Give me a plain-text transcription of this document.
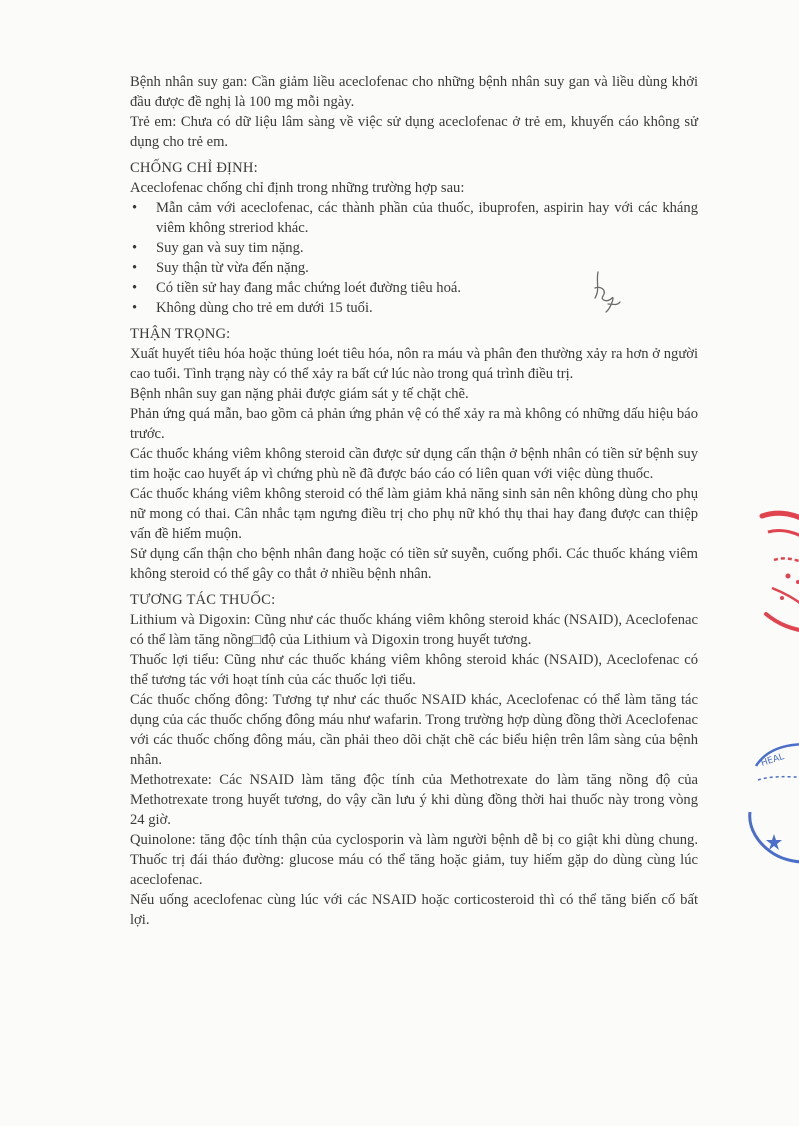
Bệnh nhân suy gan: Cần giảm liều aceclofenac cho những bệnh nhân suy gan và liều dùng khởi đầu được đề nghị là 100 mg mỗi ngày.

Trẻ em: Chưa có dữ liệu lâm sàng về việc sử dụng aceclofenac ở trẻ em, khuyến cáo không sử dụng cho trẻ em.

CHỐNG CHỈ ĐỊNH:

Aceclofenac chống chỉ định trong những trường hợp sau:

• Mẫn cảm với aceclofenac, các thành phần của thuốc, ibuprofen, aspirin hay với các kháng viêm không streriod khác.
• Suy gan và suy tim nặng.
• Suy thận từ vừa đến nặng.
• Có tiền sử hay đang mắc chứng loét đường tiêu hoá.
• Không dùng cho trẻ em dưới 15 tuổi.

THẬN TRỌNG:

Xuất huyết tiêu hóa hoặc thủng loét tiêu hóa, nôn ra máu và phân đen thường xảy ra hơn ở người cao tuổi. Tình trạng này có thể xảy ra bất cứ lúc nào trong quá trình điều trị.

Bệnh nhân suy gan nặng phải được giám sát y tế chặt chẽ.

Phản ứng quá mẫn, bao gồm cả phản ứng phản vệ có thể xảy ra mà không có những dấu hiệu báo trước.

Các thuốc kháng viêm không steroid cần được sử dụng cẩn thận ở bệnh nhân có tiền sử bệnh suy tim hoặc cao huyết áp vì chứng phù nề đã được báo cáo có liên quan với việc dùng thuốc.

Các thuốc kháng viêm không steroid có thể làm giảm khả năng sinh sản nên không dùng cho phụ nữ mong có thai. Cân nhắc tạm ngưng điều trị cho phụ nữ khó thụ thai hay đang được can thiệp vấn đề hiếm muộn.

Sử dụng cẩn thận cho bệnh nhân đang hoặc có tiền sử suyễn, cuống phổi. Các thuốc kháng viêm không steroid có thể gây co thắt ở nhiều bệnh nhân.

TƯƠNG TÁC THUỐC:

Lithium và Digoxin: Cũng như các thuốc kháng viêm không steroid khác (NSAID), Aceclofenac có thể làm tăng nồng□độ của Lithium và Digoxin trong huyết tương.

Thuốc lợi tiểu: Cũng như các thuốc kháng viêm không steroid khác (NSAID), Aceclofenac có thể tương tác với hoạt tính của các thuốc lợi tiểu.

Các thuốc chống đông: Tương tự như các thuốc NSAID khác, Aceclofenac có thể làm tăng tác dụng của các thuốc chống đông máu như wafarin. Trong trường hợp dùng đồng thời Aceclofenac với các thuốc chống đông máu, cần phải theo dõi chặt chẽ các biểu hiện trên lâm sàng của bệnh nhân.

Methotrexate: Các NSAID làm tăng độc tính của Methotrexate do làm tăng nồng độ của Methotrexate trong huyết tương, do vậy cần lưu ý khi dùng đồng thời hai thuốc này trong vòng 24 giờ.

Quinolone: tăng độc tính thận của cyclosporin và làm người bệnh dễ bị co giật khi dùng chung. Thuốc trị đái tháo đường: glucose máu có thể tăng hoặc giảm, tuy hiếm gặp do dùng cùng lúc aceclofenac.

Nếu uống aceclofenac cùng lúc với các NSAID hoặc corticosteroid thì có thể tăng biến cố bất lợi.

HEAL
